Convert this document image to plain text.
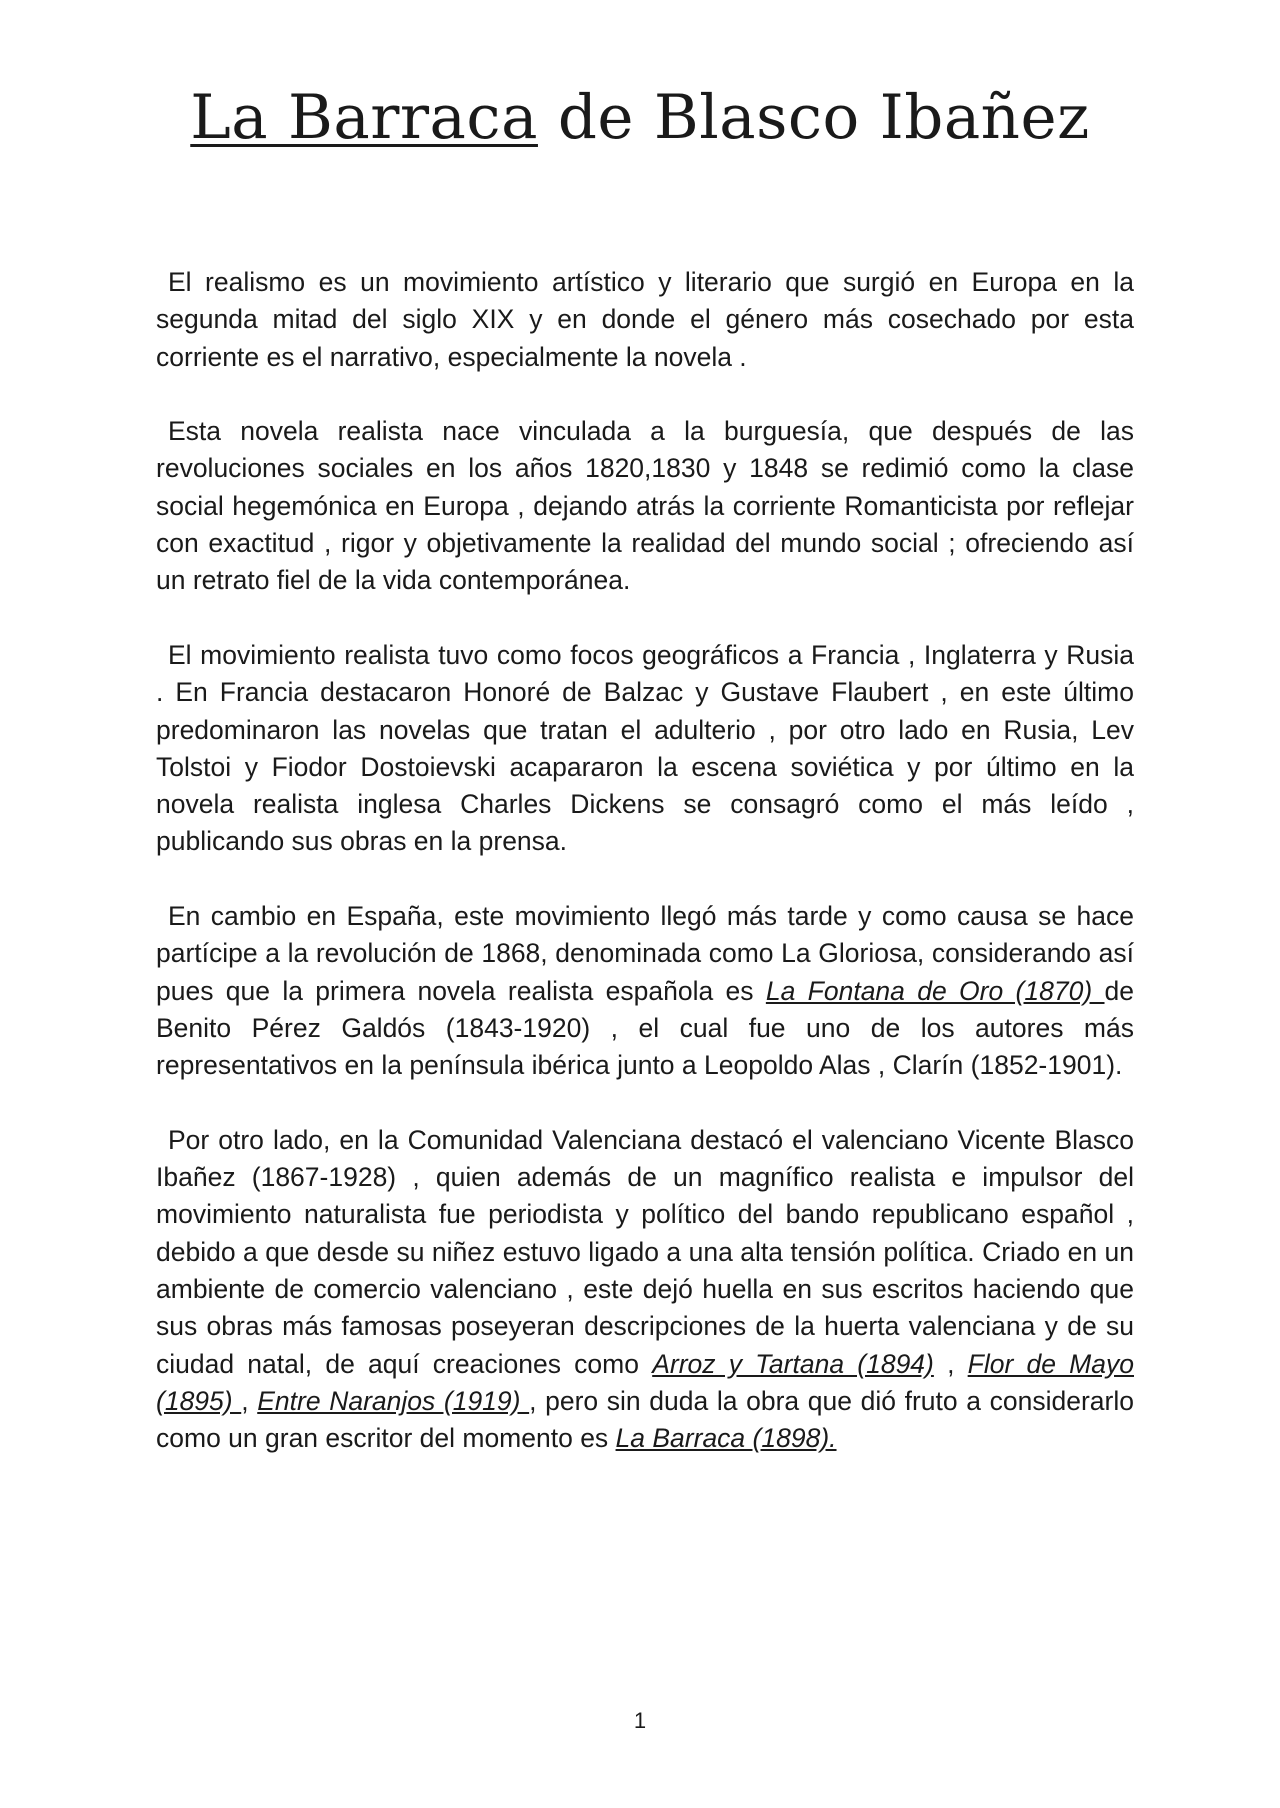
La Barraca de Blasco Ibañez

El realismo es un movimiento artístico y literario que surgió en Europa en la segunda mitad del siglo XIX y en donde el género más cosechado por esta corriente es el narrativo, especialmente la novela .

Esta novela realista nace vinculada a la burguesía, que después de las revoluciones sociales en los años 1820,1830 y 1848 se redimió como la clase social hegemónica en Europa , dejando atrás la corriente Romanticista por reflejar con exactitud , rigor y objetivamente la realidad del mundo social ; ofreciendo así un retrato fiel de la vida contemporánea.

El movimiento realista tuvo como focos geográficos a Francia , Inglaterra y Rusia . En Francia destacaron Honoré de Balzac y Gustave Flaubert , en este último predominaron las novelas que tratan el adulterio , por otro lado en Rusia, Lev Tolstoi y Fiodor Dostoievski acapararon la escena soviética y por último en la novela realista inglesa Charles Dickens se consagró como el más leído , publicando sus obras en la prensa.

En cambio en España, este movimiento llegó más tarde y como causa se hace partícipe a la revolución de 1868, denominada como La Gloriosa, considerando así pues que la primera novela realista española es La Fontana de Oro (1870) de Benito Pérez Galdós (1843-1920) , el cual fue uno de los autores más representativos en la península ibérica junto a Leopoldo Alas , Clarín (1852-1901).

Por otro lado, en la Comunidad Valenciana destacó el valenciano Vicente Blasco Ibañez (1867-1928) , quien además de un magnífico realista e impulsor del movimiento naturalista fue periodista y político del bando republicano español , debido a que desde su niñez estuvo ligado a una alta tensión política. Criado en un ambiente de comercio valenciano , este dejó huella en sus escritos haciendo que sus obras más famosas poseyeran descripciones de la huerta valenciana y de su ciudad natal, de aquí creaciones como Arroz y Tartana (1894) , Flor de Mayo (1895) , Entre Naranjos (1919) , pero sin duda la obra que dió fruto a considerarlo como un gran escritor del momento es La Barraca (1898).

1
